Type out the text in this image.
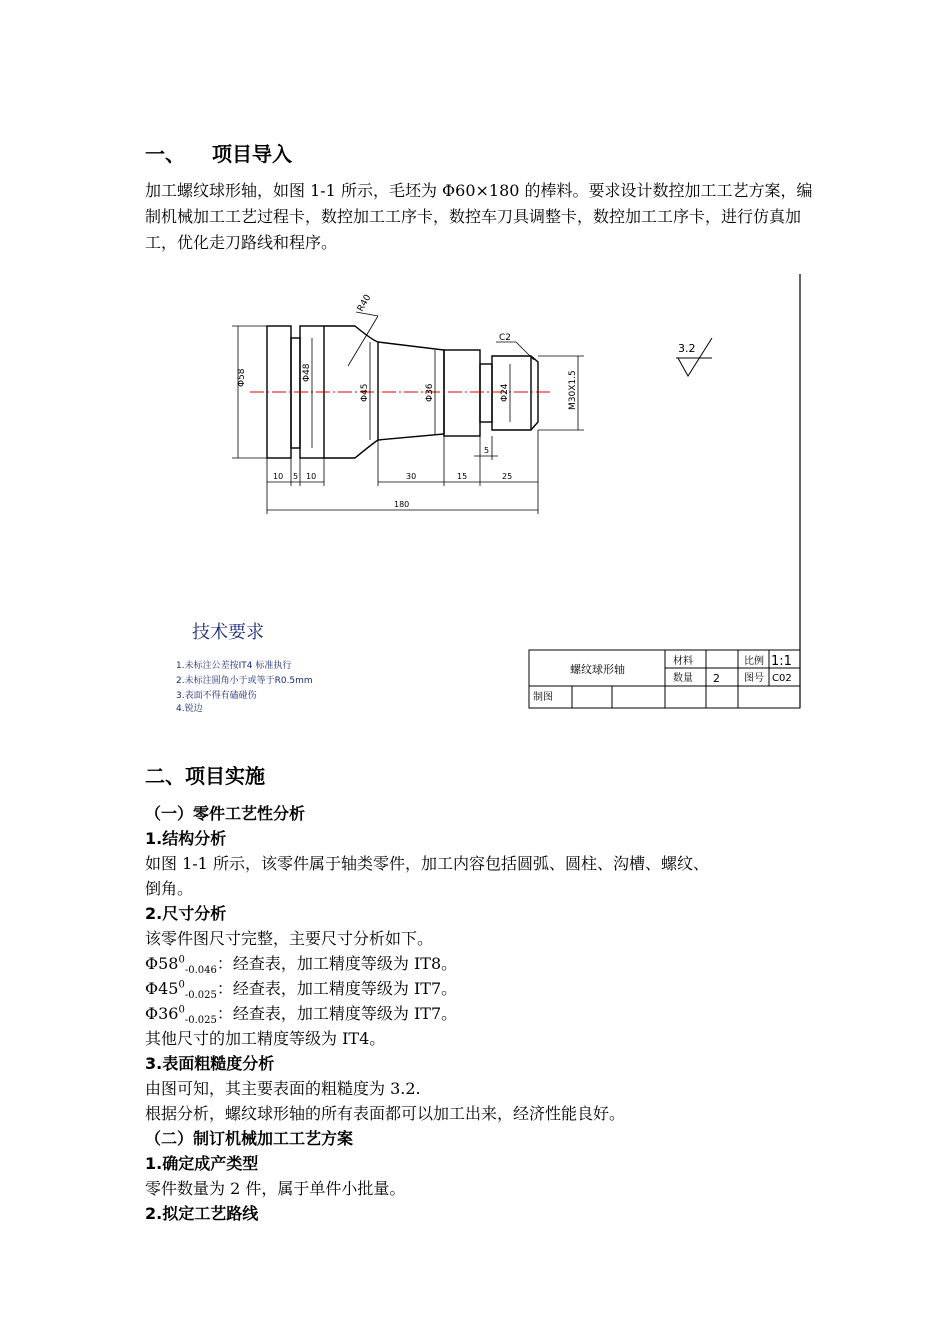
一、 项目导入
加工螺纹球形轴，如图 1-1 所示，毛坯为 Φ60×180 的棒料。要求设计数控加工工艺方案，编制机械加工工艺过程卡，数控加工工序卡，数控车刀具调整卡，数控加工工序卡，进行仿真加工，优化走刀路线和程序。
Φ58	Φ48
Φ45	Φ36	Φ24	M30X1.5
R40
C2
10 5 10	30	15	25
5
180
3.2
技术要求
1.未标注公差按IT4 标准执行
2.未标注圆角小于或等于R0.5mm
3.表面不得有磕碰伤
4.锐边
螺纹球形轴
材料	比例 1:1
数量 2 图号 C02
制图
二、项目实施
（一）零件工艺性分析
1.结构分析
如图 1-1 所示，该零件属于轴类零件，加工内容包括圆弧、圆柱、沟槽、螺纹、
倒角。
2.尺寸分析
该零件图尺寸完整，主要尺寸分析如下。
$\Phi 58^0_{-0.046}$：经查表，加工精度等级为 IT8。
$\Phi 45^0_{-0.025}$：经查表，加工精度等级为 IT7。
$\Phi 36^0_{-0.025}$：经查表，加工精度等级为 IT7。
其他尺寸的加工精度等级为 IT4。
3.表面粗糙度分析
由图可知，其主要表面的粗糙度为 3.2.
根据分析，螺纹球形轴的所有表面都可以加工出来，经济性能良好。
（二）制订机械加工工艺方案
1.确定成产类型
零件数量为 2 件，属于单件小批量。
2.拟定工艺路线
